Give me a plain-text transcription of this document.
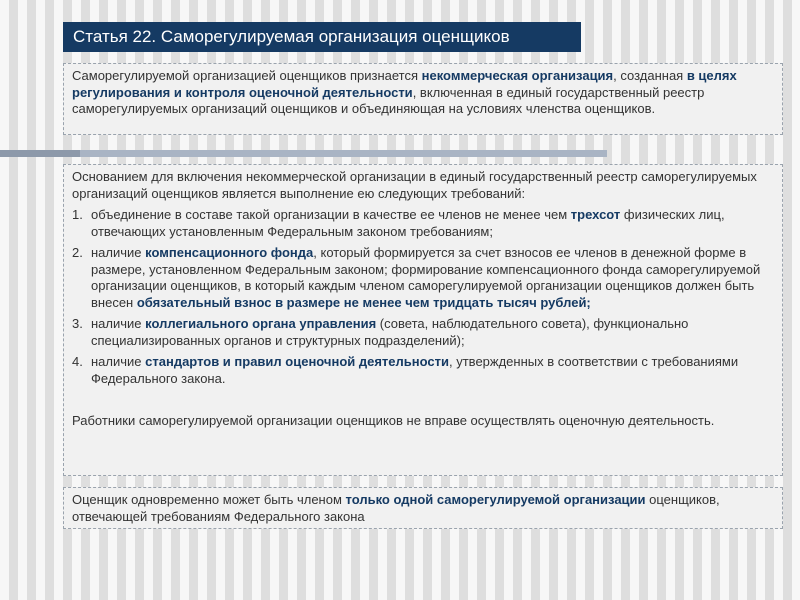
Статья 22. Саморегулируемая организация оценщиков

Саморегулируемой организацией оценщиков признается некоммерческая организация, созданная в целях регулирования и контроля оценочной деятельности, включенная в единый государственный реестр саморегулируемых организаций оценщиков и объединяющая на условиях членства оценщиков.

Основанием для включения некоммерческой организации в единый государственный реестр саморегулируемых организаций оценщиков является выполнение ею следующих требований:

1. объединение в составе такой организации в качестве ее членов не менее чем трехсот физических лиц, отвечающих установленным Федеральным законом требованиям;
2. наличие компенсационного фонда, который формируется за счет взносов ее членов в денежной форме в размере, установленном Федеральным законом; формирование компенсационного фонда саморегулируемой организации оценщиков, в который каждым членом саморегулируемой организации оценщиков должен быть внесен обязательный взнос в размере не менее чем тридцать тысяч рублей;
3. наличие коллегиального органа управления (совета, наблюдательного совета), функционально специализированных органов и структурных подразделений);
4. наличие стандартов и правил оценочной деятельности, утвержденных в соответствии с требованиями Федерального закона.

Работники саморегулируемой организации оценщиков не вправе осуществлять оценочную деятельность.

Оценщик одновременно может быть членом только одной саморегулируемой организации оценщиков, отвечающей требованиям Федерального закона
